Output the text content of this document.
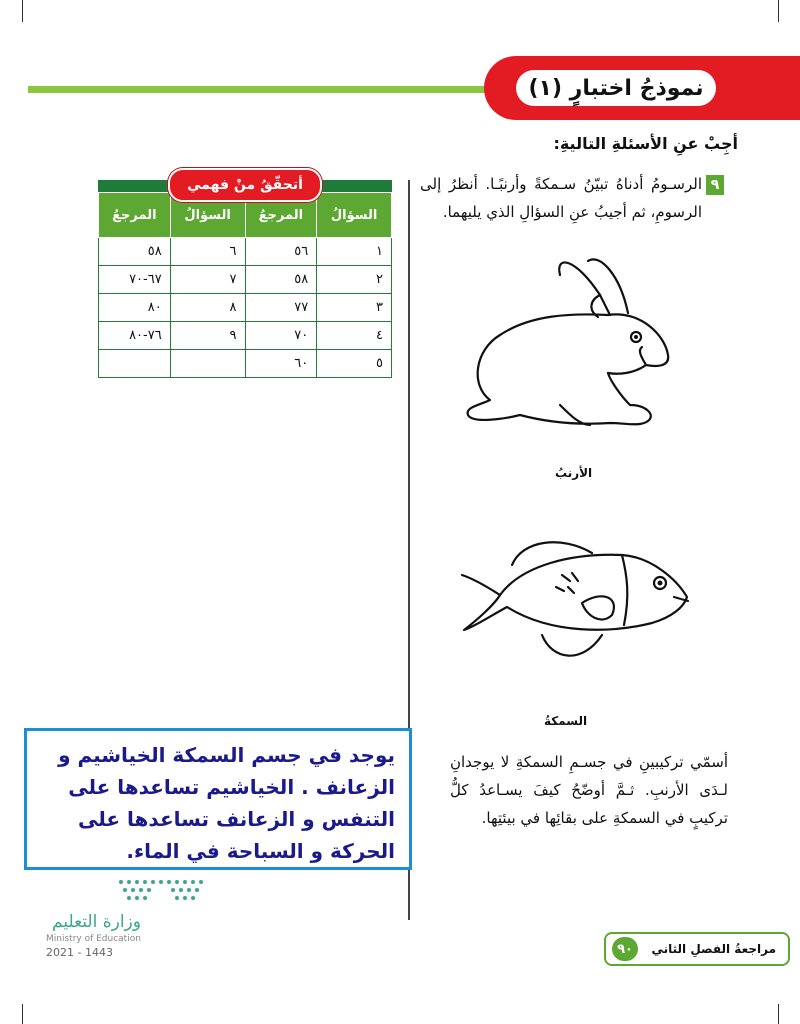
نموذجُ اختبارٍ (١)
أجِبْ عنِ الأسئلةِ التاليةِ:
٩
الرسـومُ أدناهُ تبيّنُ سـمكةً وأرنبًـا. أنظرُ إلى الرسومِ، ثم أجيبُ عنِ السؤالِ الذي يليهما.
الأرنبُ
السمكةُ
أسمّي تركيبينِ في جسـمِ السمكةِ لا يوجدانِ لـدَى الأرنبِ. ثـمَّ أوضّحُ كيفَ يسـاعدُ كلُّ تركيبٍ في السمكةِ على بقائِها في بيئتِها.
أتحقّقُ منْ فهمي
السؤالُ	المرجعُ	السؤالُ	المرجعُ
١	٥٦	٦	٥٨
٢	٥٨	٧	٦٧-٧٠
٣	٧٧	٨	٨٠
٤	٧٠	٩	٧٦-٨٠
٥	٦٠		
يوجد في جسم السمكة الخياشيم و الزعانف . الخياشيم تساعدها على التنفس و الزعانف تساعدها على الحركة و السباحة في الماء.
وزارة التعليم
Ministry of Education
2021 - 1443	مراجعةُ الفصلِ الثاني
٩٠
